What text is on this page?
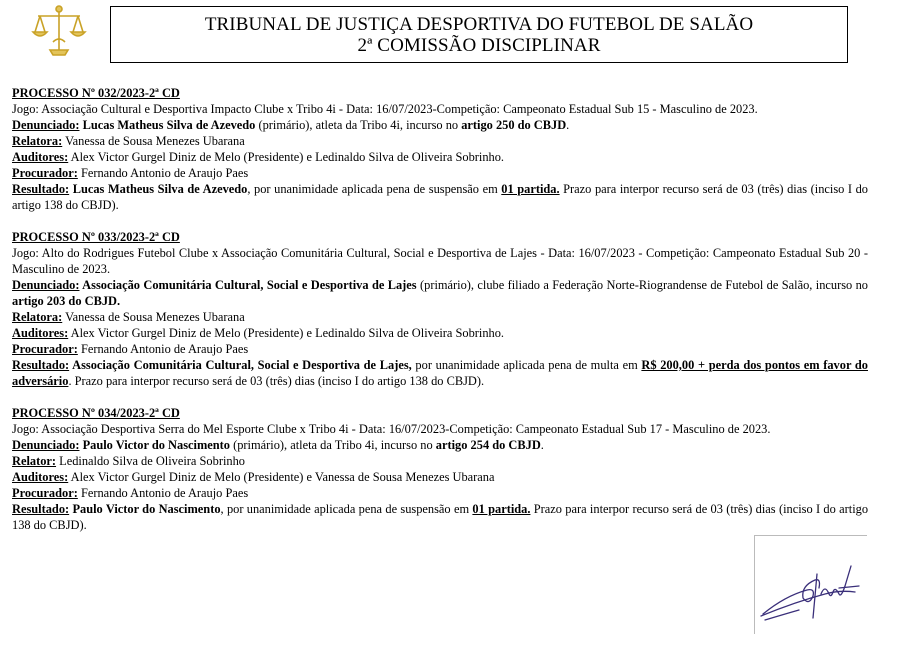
TRIBUNAL DE JUSTIÇA DESPORTIVA DO FUTEBOL DE SALÃO
2ª COMISSÃO DISCIPLINAR

PROCESSO Nº 032/2023-2ª CD

Jogo: Associação Cultural e Desportiva Impacto Clube x Tribo 4i - Data: 16/07/2023-Competição: Campeonato Estadual Sub 15 - Masculino de 2023.

Denunciado: Lucas Matheus Silva de Azevedo (primário), atleta da Tribo 4i, incurso no artigo 250 do CBJD.

Relatora: Vanessa de Sousa Menezes Ubarana

Auditores: Alex Victor Gurgel Diniz de Melo (Presidente) e Ledinaldo Silva de Oliveira Sobrinho.

Procurador: Fernando Antonio de Araujo Paes

Resultado: Lucas Matheus Silva de Azevedo, por unanimidade aplicada pena de suspensão em 01 partida. Prazo para interpor recurso será de 03 (três) dias (inciso I do artigo 138 do CBJD).

PROCESSO Nº 033/2023-2ª CD

Jogo: Alto do Rodrigues Futebol Clube x Associação Comunitária Cultural, Social e Desportiva de Lajes - Data: 16/07/2023 - Competição: Campeonato Estadual Sub 20 - Masculino de 2023.

Denunciado: Associação Comunitária Cultural, Social e Desportiva de Lajes (primário), clube filiado a Federação Norte-Riograndense de Futebol de Salão, incurso no artigo 203 do CBJD.

Relatora: Vanessa de Sousa Menezes Ubarana

Auditores: Alex Victor Gurgel Diniz de Melo (Presidente) e Ledinaldo Silva de Oliveira Sobrinho.

Procurador: Fernando Antonio de Araujo Paes

Resultado: Associação Comunitária Cultural, Social e Desportiva de Lajes, por unanimidade aplicada pena de multa em R$ 200,00 + perda dos pontos em favor do adversário. Prazo para interpor recurso será de 03 (três) dias (inciso I do artigo 138 do CBJD).

PROCESSO Nº 034/2023-2ª CD

Jogo: Associação Desportiva Serra do Mel Esporte Clube x Tribo 4i - Data: 16/07/2023-Competição: Campeonato Estadual Sub 17 - Masculino de 2023.

Denunciado: Paulo Victor do Nascimento (primário), atleta da Tribo 4i, incurso no artigo 254 do CBJD.

Relator: Ledinaldo Silva de Oliveira Sobrinho

Auditores: Alex Victor Gurgel Diniz de Melo (Presidente) e Vanessa de Sousa Menezes Ubarana

Procurador: Fernando Antonio de Araujo Paes

Resultado: Paulo Victor do Nascimento, por unanimidade aplicada pena de suspensão em 01 partida. Prazo para interpor recurso será de 03 (três) dias (inciso I do artigo 138 do CBJD).
